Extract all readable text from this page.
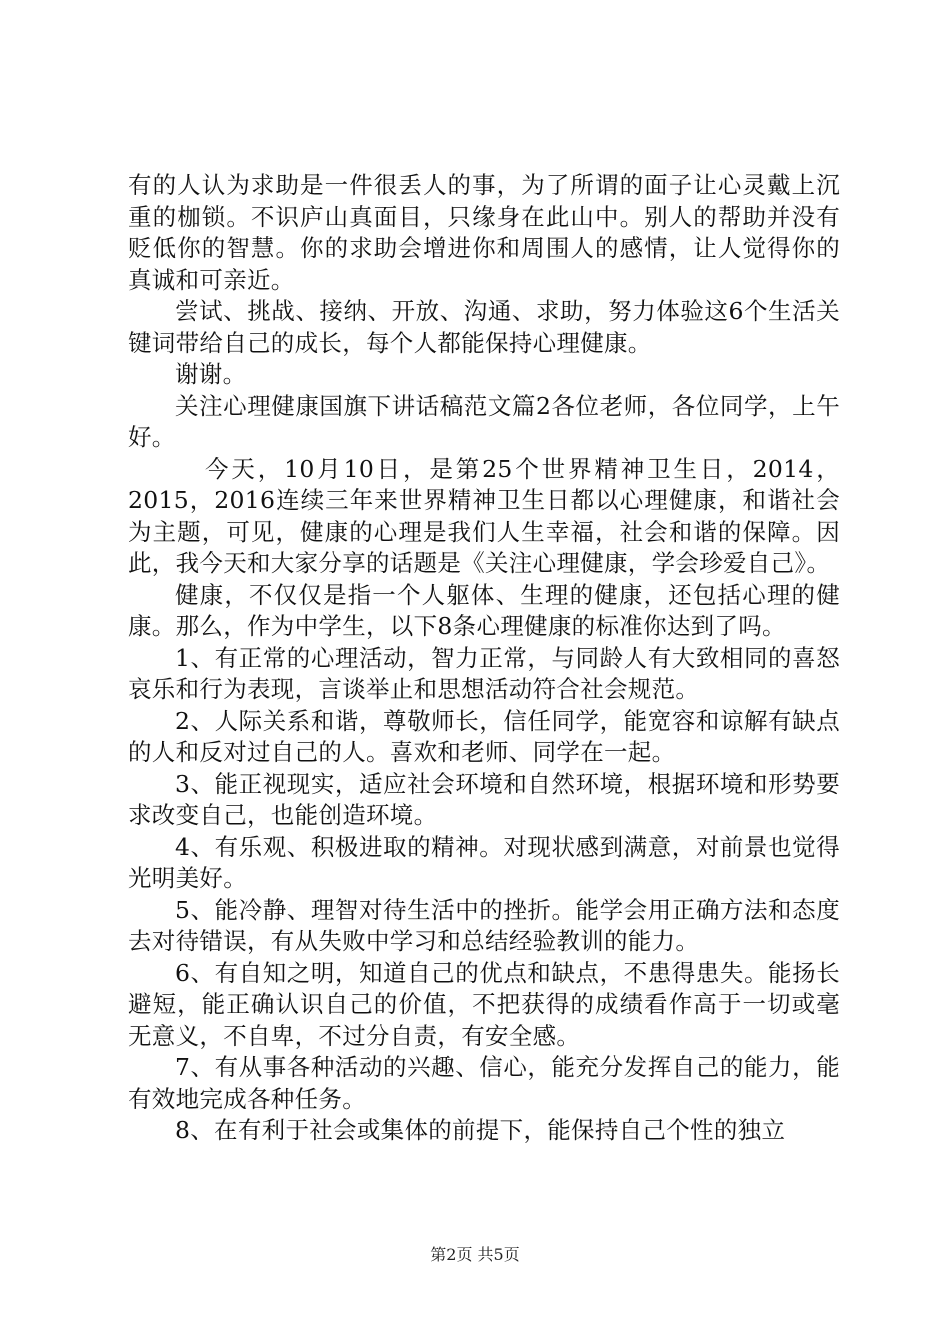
有的人认为求助是一件很丢人的事，为了所谓的面子让心灵戴上沉重的枷锁。不识庐山真面目，只缘身在此山中。别人的帮助并没有贬低你的智慧。你的求助会增进你和周围人的感情，让人觉得你的真诚和可亲近。

尝试、挑战、接纳、开放、沟通、求助，努力体验这6个生活关键词带给自己的成长，每个人都能保持心理健康。

谢谢。

关注心理健康国旗下讲话稿范文篇2各位老师，各位同学，上午好。

今天，10月10日，是第25个世界精神卫生日，2014，2015，2016连续三年来世界精神卫生日都以心理健康，和谐社会为主题，可见，健康的心理是我们人生幸福，社会和谐的保障。因此，我今天和大家分享的话题是《关注心理健康，学会珍爱自己》。

健康，不仅仅是指一个人躯体、生理的健康，还包括心理的健康。那么，作为中学生，以下8条心理健康的标准你达到了吗。

1、有正常的心理活动，智力正常，与同龄人有大致相同的喜怒哀乐和行为表现，言谈举止和思想活动符合社会规范。

2、人际关系和谐，尊敬师长，信任同学，能宽容和谅解有缺点的人和反对过自己的人。喜欢和老师、同学在一起。

3、能正视现实，适应社会环境和自然环境，根据环境和形势要求改变自己，也能创造环境。

4、有乐观、积极进取的精神。对现状感到满意，对前景也觉得光明美好。

5、能冷静、理智对待生活中的挫折。能学会用正确方法和态度去对待错误，有从失败中学习和总结经验教训的能力。

6、有自知之明，知道自己的优点和缺点，不患得患失。能扬长避短，能正确认识自己的价值，不把获得的成绩看作高于一切或毫无意义，不自卑，不过分自责，有安全感。

7、有从事各种活动的兴趣、信心，能充分发挥自己的能力，能有效地完成各种任务。

8、在有利于社会或集体的前提下，能保持自己个性的独立

第2页 共5页
